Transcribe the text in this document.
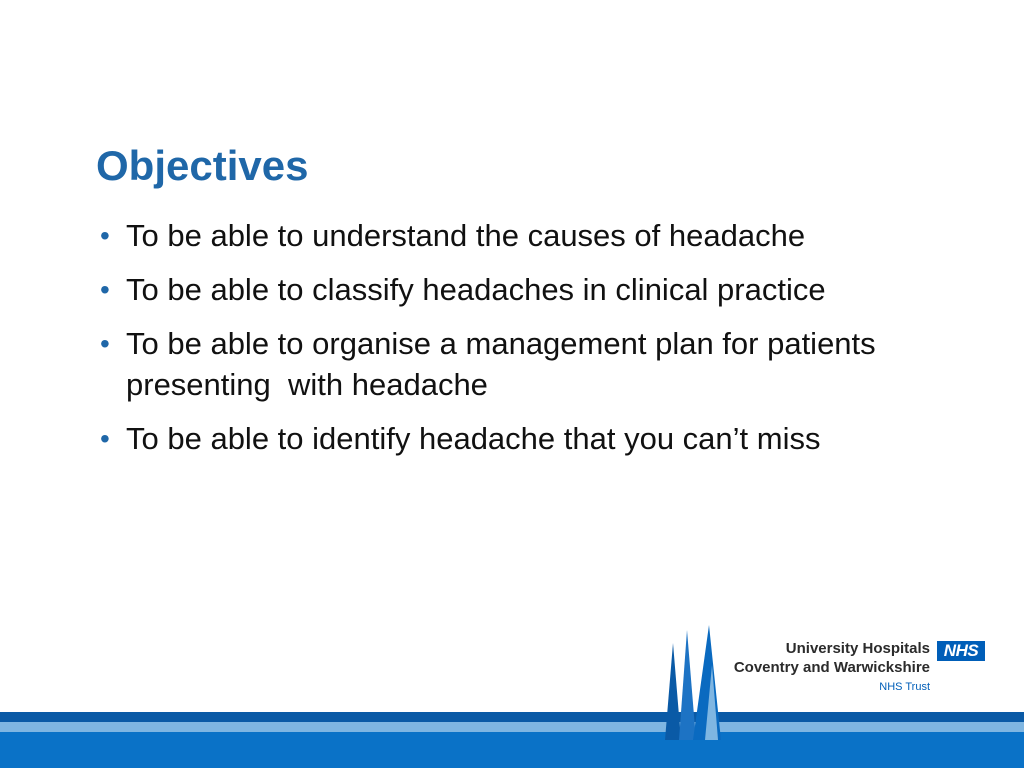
Objectives
• To be able to understand the causes of headache
• To be able to classify headaches in clinical practice
• To be able to organise a management plan for patients presenting  with headache
• To be able to identify headache that you can’t miss
University Hospitals NHS
Coventry and Warwickshire
NHS Trust
